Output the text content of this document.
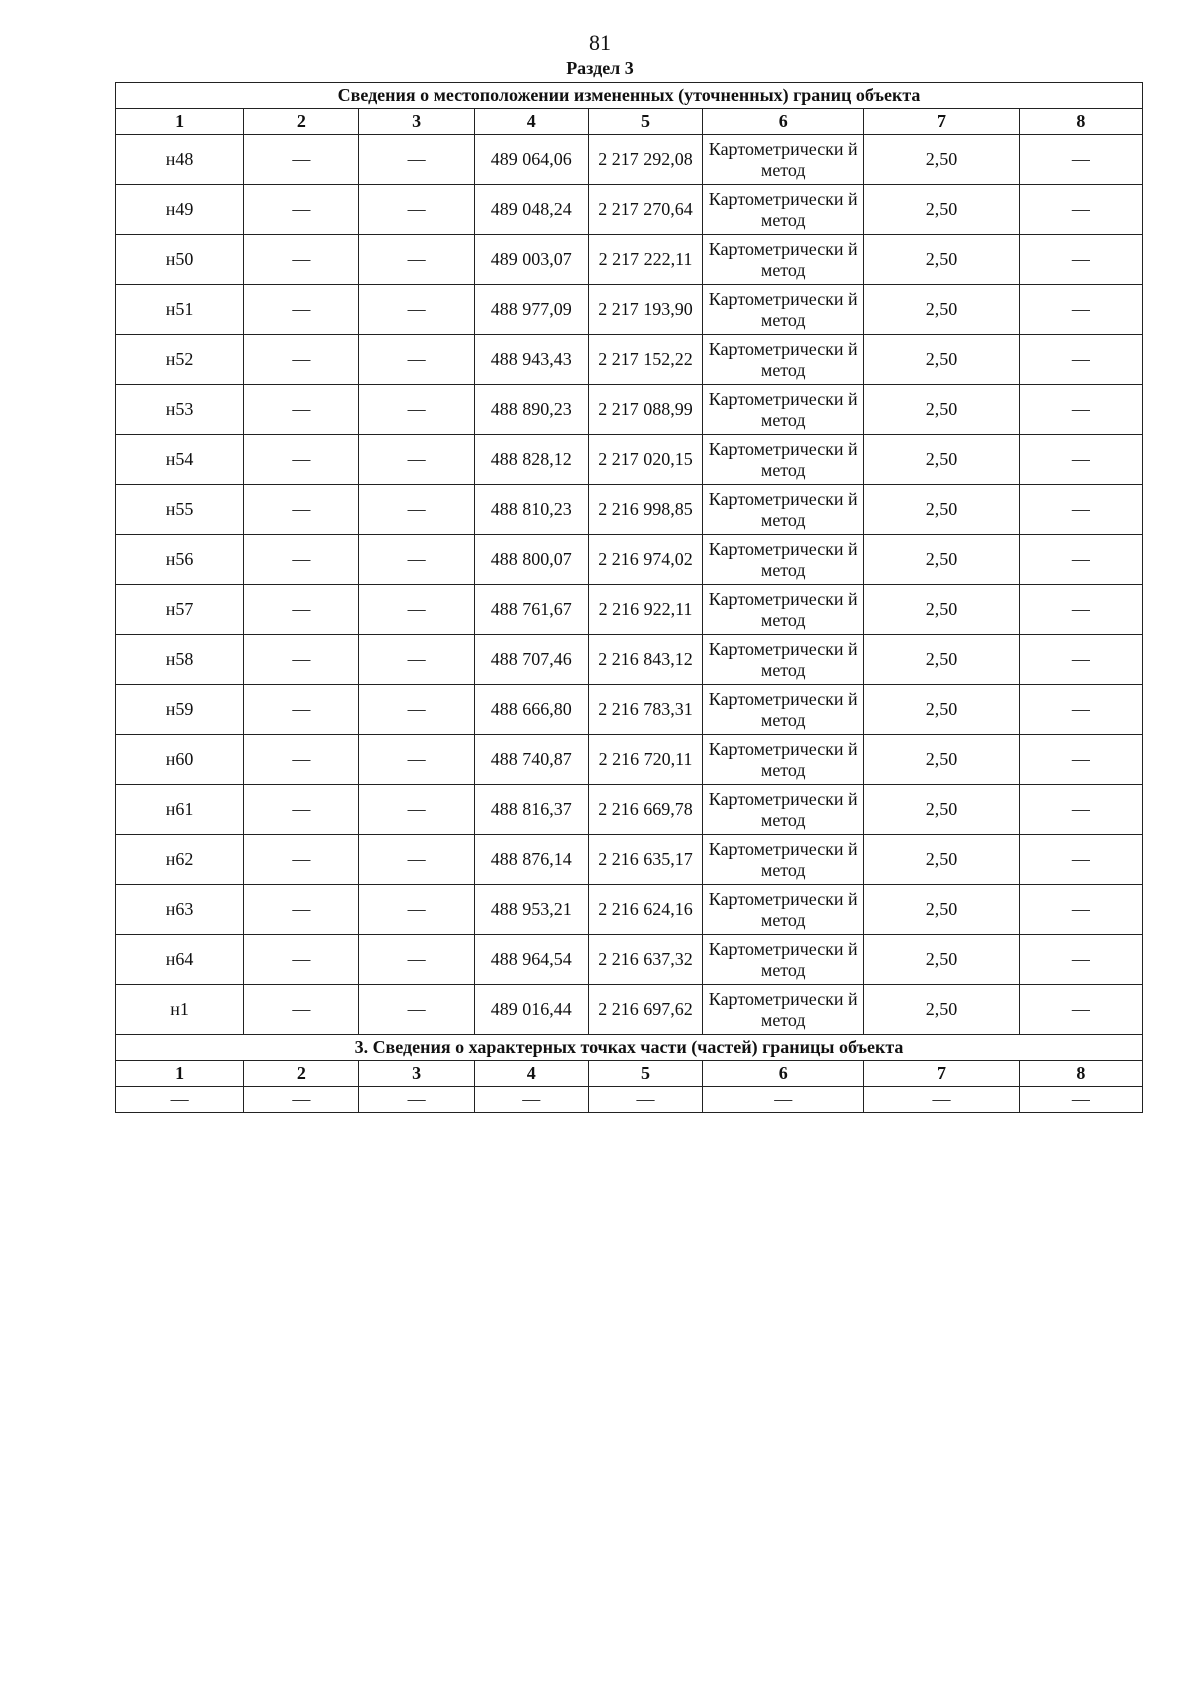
81
Раздел 3
Сведения о местоположении измененных (уточненных) границ объекта							
1	2	3	4	5	6	7	8
н48	—	—	489 064,06	2 217 292,08	Картометрически й метод	2,50	—
н49	—	—	489 048,24	2 217 270,64	Картометрически й метод	2,50	—
н50	—	—	489 003,07	2 217 222,11	Картометрически й метод	2,50	—
н51	—	—	488 977,09	2 217 193,90	Картометрически й метод	2,50	—
н52	—	—	488 943,43	2 217 152,22	Картометрически й метод	2,50	—
н53	—	—	488 890,23	2 217 088,99	Картометрически й метод	2,50	—
н54	—	—	488 828,12	2 217 020,15	Картометрически й метод	2,50	—
н55	—	—	488 810,23	2 216 998,85	Картометрически й метод	2,50	—
н56	—	—	488 800,07	2 216 974,02	Картометрически й метод	2,50	—
н57	—	—	488 761,67	2 216 922,11	Картометрически й метод	2,50	—
н58	—	—	488 707,46	2 216 843,12	Картометрически й метод	2,50	—
н59	—	—	488 666,80	2 216 783,31	Картометрически й метод	2,50	—
н60	—	—	488 740,87	2 216 720,11	Картометрически й метод	2,50	—
н61	—	—	488 816,37	2 216 669,78	Картометрически й метод	2,50	—
н62	—	—	488 876,14	2 216 635,17	Картометрически й метод	2,50	—
н63	—	—	488 953,21	2 216 624,16	Картометрически й метод	2,50	—
н64	—	—	488 964,54	2 216 637,32	Картометрически й метод	2,50	—
н1	—	—	489 016,44	2 216 697,62	Картометрически й метод	2,50	—
3. Сведения о характерных точках части (частей) границы объекта							
1	2	3	4	5	6	7	8
—	—	—	—	—	—	—	—
